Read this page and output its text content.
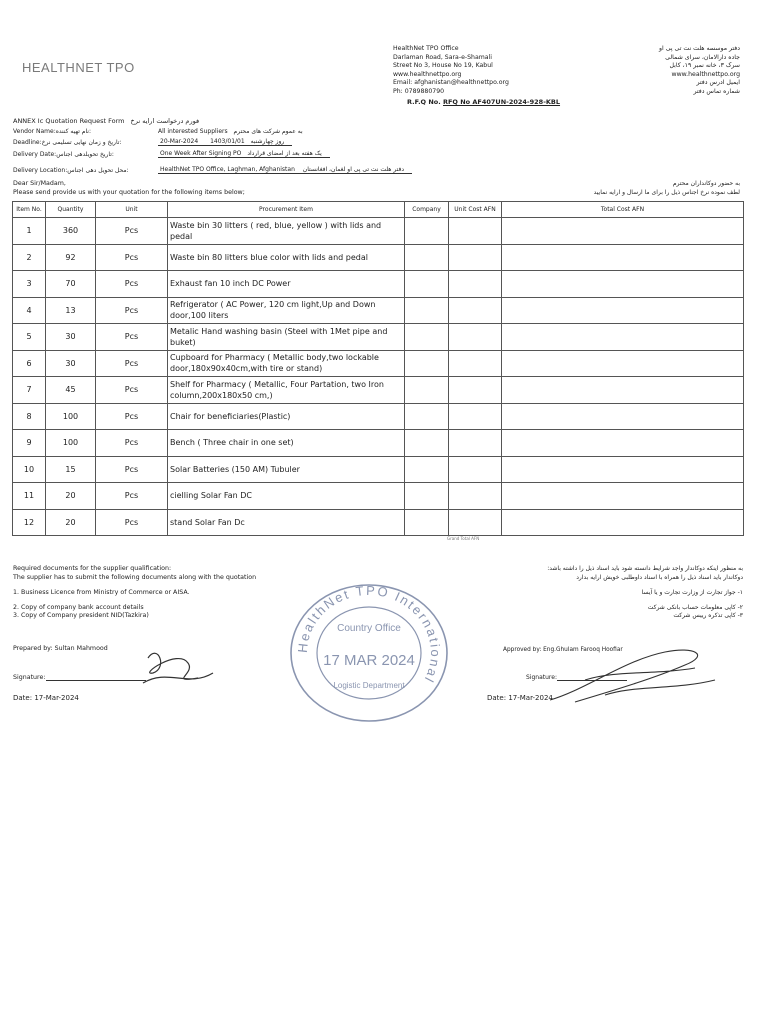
HEALTHNET TPO
HealthNet TPO Office
Darlaman Road, Sara-e-Shamali
Street No 3, House No 19, Kabul
www.healthnettpo.org
Email: afghanistan@healthnettpo.org
Ph: 0789880790
دفتر موسسه هلت نت تی پی او
جاده دارالامان، سرای شمالی
سرک ۳، خانه نمبر ۱۹، کابل
www.healthnettpo.org
ایمیل آدرس دفتر
شماره تماس دفتر
R.F.Q No. RFQ No AF407UN-2024-928-KBL
ANNEX Ic Quotation Request Form فورم درخواست ارایه نرخ
Vendor Name:نام تهیه کننده:	All interested Suppliers به عموم شرکت های محترم
Deadline:تاریخ و زمان نهایی تسلیمی نرخ:	20-Mar-2024 1403/01/01 روز چهارشنبه
Delivery Date:تاریخ تحویلدهی اجناس:	One Week After Signing PO یک هفته بعد از امضای قرارداد
Delivery Location:محل تحویل دهی اجناس:	HealthNet TPO Office, Laghman, Afghanistan دفتر هلت نت تی پی او لغمان، افغانستان
Dear Sir/Madam,
Please send provide us with your quotation for the following items below;
به حضور دوکانداران محترم
لطف نموده نرخ اجناس ذیل را برای ما ارسال و ارایه نمایید
Item No.	Quantity	Unit	Procurement Item	Company	Unit Cost AFN	Total Cost AFN
1	360	Pcs	Waste bin 30 litters ( red, blue, yellow ) with lids and pedal			
2	92	Pcs	Waste bin 80 litters blue color with lids and pedal			
3	70	Pcs	Exhaust fan 10 inch DC Power			
4	13	Pcs	Refrigerator ( AC Power, 120 cm light,Up and Down door,100 liters			
5	30	Pcs	Metalic Hand washing basin (Steel with 1Met pipe and buket)			
6	30	Pcs	Cupboard for Pharmacy ( Metallic body,two lockable door,180x90x40cm,with tire or stand)			
7	45	Pcs	Shelf for Pharmacy ( Metallic, Four Partation, two Iron column,200x180x50 cm,)			
8	100	Pcs	Chair for beneficiaries(Plastic)			
9	100	Pcs	Bench ( Three chair in one set)			
10	15	Pcs	Solar Batteries (150 AM) Tubuler			
11	20	Pcs	cielling Solar Fan DC			
12	20	Pcs	stand Solar Fan Dc			
Grand Total AFN
Required documents for the supplier qualification:
The supplier has to submit the following documents along with the quotation
به منظور اینکه دوکاندار واجد شرایط دانسته شود باید اسناد ذیل را داشته باشد:
دوکاندار باید اسناد ذیل را همراه با اسناد داوطلبی خویش ارایه بدارد
1. Business Licence from Ministry of Commerce or AISA.
2. Copy of company bank account details
3. Copy of Company president NID(Tazkira)
۱- جواز تجارت از وزارت تجارت و یا آیسا
۲- کاپی معلومات حساب بانکی شرکت
۳- کاپی تذکره رییس شرکت
HealthNet TPO International
Country Office
17 MAR 2024
Logistic Department
Prepared by: Sultan Mahmood
Signature:
Date: 17-Mar-2024
Approved by: Eng.Ghulam Farooq Hoofiar
Signature:
Date: 17-Mar-2024
